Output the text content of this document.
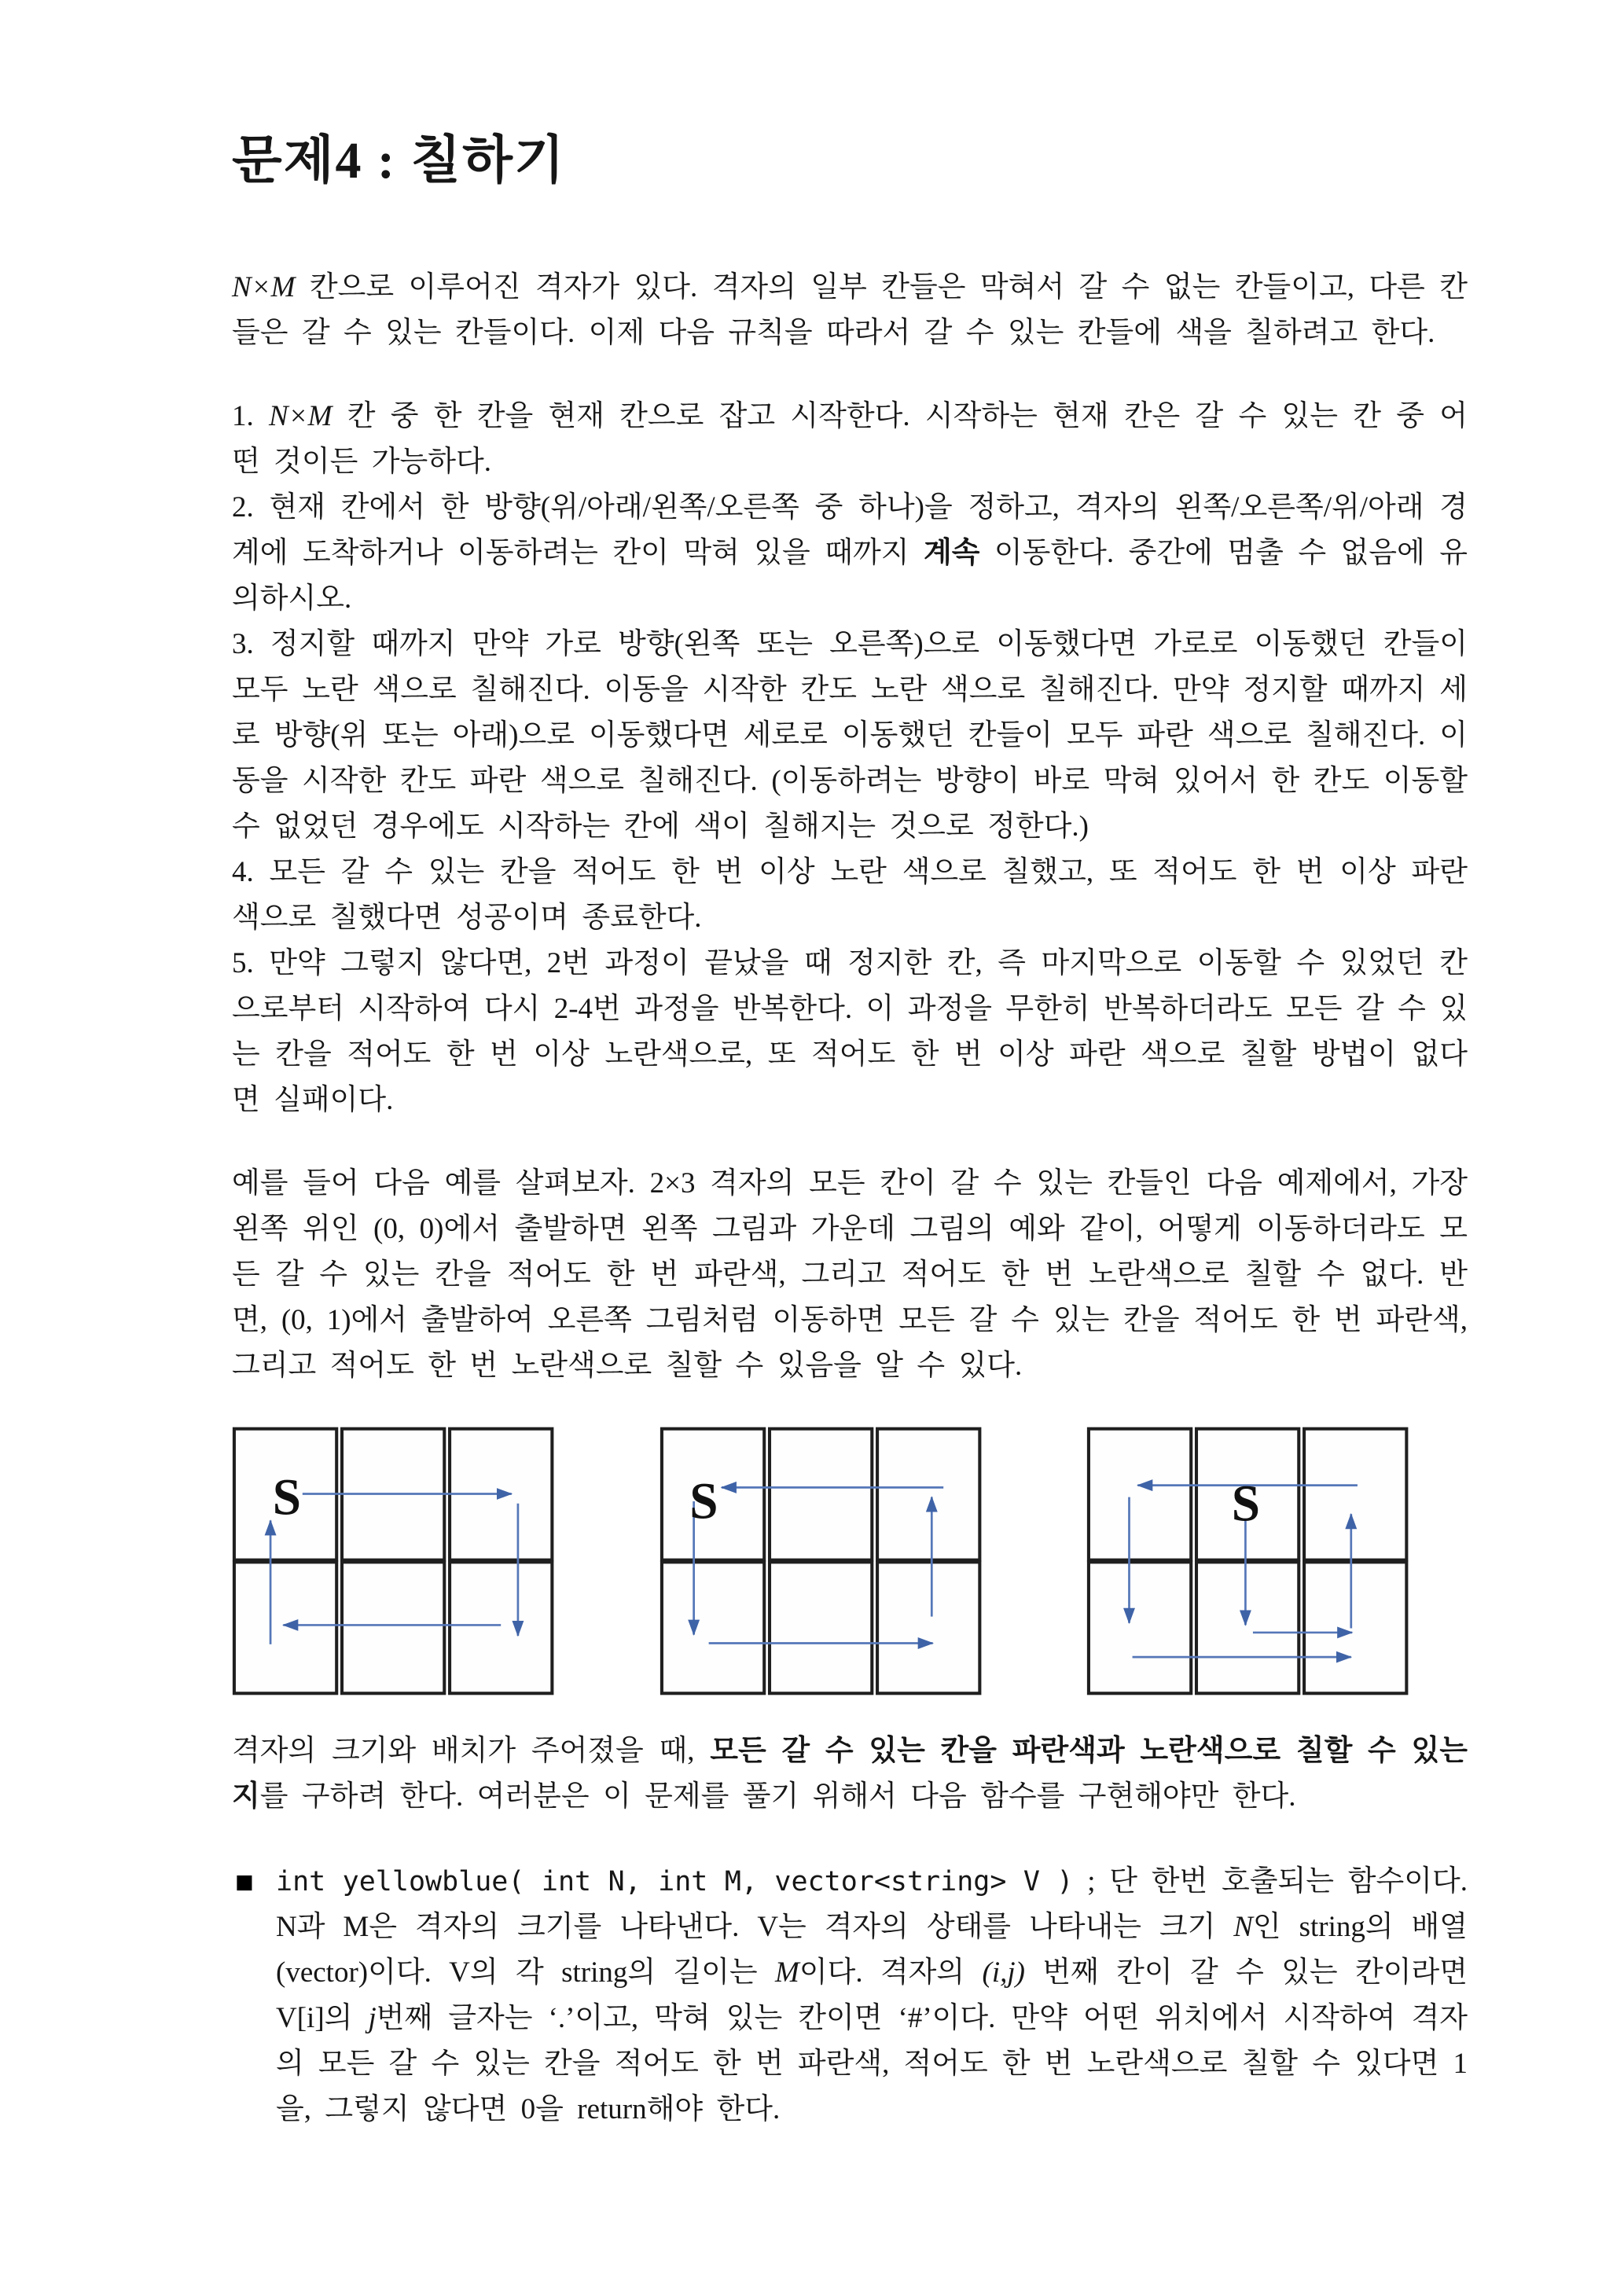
문제4 : 칠하기

N×M 칸으로 이루어진 격자가 있다. 격자의 일부 칸들은 막혀서 갈 수 없는 칸들이고, 다른 칸들은 갈 수 있는 칸들이다. 이제 다음 규칙을 따라서 갈 수 있는 칸들에 색을 칠하려고 한다.

1. N×M 칸 중 한 칸을 현재 칸으로 잡고 시작한다. 시작하는 현재 칸은 갈 수 있는 칸 중 어떤 것이든 가능하다.

2. 현재 칸에서 한 방향(위/아래/왼쪽/오른쪽 중 하나)을 정하고, 격자의 왼쪽/오른쪽/위/아래 경계에 도착하거나 이동하려는 칸이 막혀 있을 때까지 계속 이동한다. 중간에 멈출 수 없음에 유의하시오.

3. 정지할 때까지 만약 가로 방향(왼쪽 또는 오른쪽)으로 이동했다면 가로로 이동했던 칸들이 모두 노란 색으로 칠해진다. 이동을 시작한 칸도 노란 색으로 칠해진다. 만약 정지할 때까지 세로 방향(위 또는 아래)으로 이동했다면 세로로 이동했던 칸들이 모두 파란 색으로 칠해진다. 이동을 시작한 칸도 파란 색으로 칠해진다. (이동하려는 방향이 바로 막혀 있어서 한 칸도 이동할 수 없었던 경우에도 시작하는 칸에 색이 칠해지는 것으로 정한다.)

4. 모든 갈 수 있는 칸을 적어도 한 번 이상 노란 색으로 칠했고, 또 적어도 한 번 이상 파란 색으로 칠했다면 성공이며 종료한다.

5. 만약 그렇지 않다면, 2번 과정이 끝났을 때 정지한 칸, 즉 마지막으로 이동할 수 있었던 칸으로부터 시작하여 다시 2-4번 과정을 반복한다. 이 과정을 무한히 반복하더라도 모든 갈 수 있는 칸을 적어도 한 번 이상 노란색으로, 또 적어도 한 번 이상 파란 색으로 칠할 방법이 없다면 실패이다.

예를 들어 다음 예를 살펴보자. 2×3 격자의 모든 칸이 갈 수 있는 칸들인 다음 예제에서, 가장 왼쪽 위인 (0, 0)에서 출발하면 왼쪽 그림과 가운데 그림의 예와 같이, 어떻게 이동하더라도 모든 갈 수 있는 칸을 적어도 한 번 파란색, 그리고 적어도 한 번 노란색으로 칠할 수 없다. 반면, (0, 1)에서 출발하여 오른쪽 그림처럼 이동하면 모든 갈 수 있는 칸을 적어도 한 번 파란색, 그리고 적어도 한 번 노란색으로 칠할 수 있음을 알 수 있다.

S	S	S

격자의 크기와 배치가 주어졌을 때, 모든 갈 수 있는 칸을 파란색과 노란색으로 칠할 수 있는지를 구하려 한다. 여러분은 이 문제를 풀기 위해서 다음 함수를 구현해야만 한다.

■ int yellowblue( int N, int M, vector<string> V ) ; 단 한번 호출되는 함수이다. N과 M은 격자의 크기를 나타낸다. V는 격자의 상태를 나타내는 크기 N인 string의 배열(vector)이다. V의 각 string의 길이는 M이다. 격자의 (i,j) 번째 칸이 갈 수 있는 칸이라면 V[i]의 j번째 글자는 ‘.’이고, 막혀 있는 칸이면 ‘#’이다. 만약 어떤 위치에서 시작하여 격자의 모든 갈 수 있는 칸을 적어도 한 번 파란색, 적어도 한 번 노란색으로 칠할 수 있다면 1을, 그렇지 않다면 0을 return해야 한다.
